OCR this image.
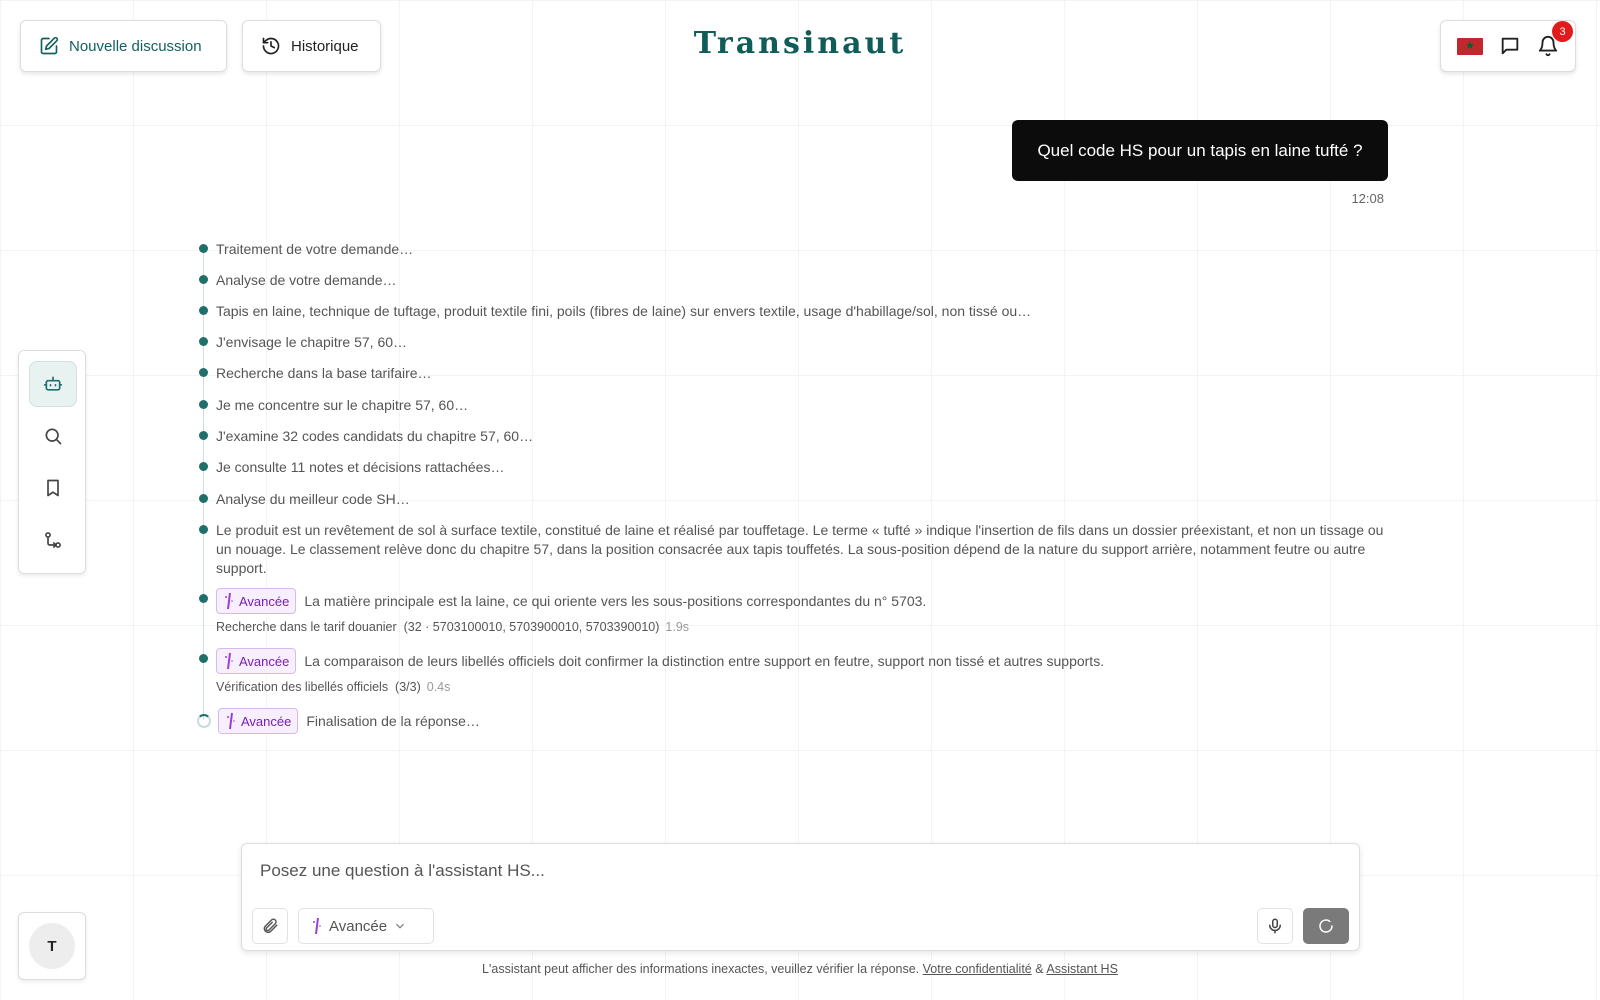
Nouvelle discussion	Historique	Transinaut
★	3
Quel code HS pour un tapis en laine tufté ?
12:08
T
Traitement de votre demande…
Analyse de votre demande…
Tapis en laine, technique de tuftage, produit textile fini, poils (fibres de laine) sur envers textile, usage d'habillage/sol, non tissé ou…
J'envisage le chapitre 57, 60…
Recherche dans la base tarifaire…
Je me concentre sur le chapitre 57, 60…
J'examine 32 codes candidats du chapitre 57, 60…
Je consulte 11 notes et décisions rattachées…
Analyse du meilleur code SH…
Le produit est un revêtement de sol à surface textile, constitué de laine et réalisé par touffetage. Le terme « tufté » indique l'insertion de fils dans un dossier préexistant, et non un tissage ou un nouage. Le classement relève donc du chapitre 57, dans la position consacrée aux tapis touffetés. La sous-position dépend de la nature du support arrière, notamment feutre ou autre support.
Avancée La matière principale est la laine, ce qui oriente vers les sous-positions correspondantes du n° 5703.
Recherche dans le tarif douanier (32 · 5703100010, 5703900010, 5703390010) 1.9s
Avancée La comparaison de leurs libellés officiels doit confirmer la distinction entre support en feutre, support non tissé et autres supports.
Vérification des libellés officiels (3/3) 0.4s
Avancée Finalisation de la réponse…
Posez une question à l'assistant HS...
Avancée
L'assistant peut afficher des informations inexactes, veuillez vérifier la réponse. Votre confidentialité & Assistant HS
